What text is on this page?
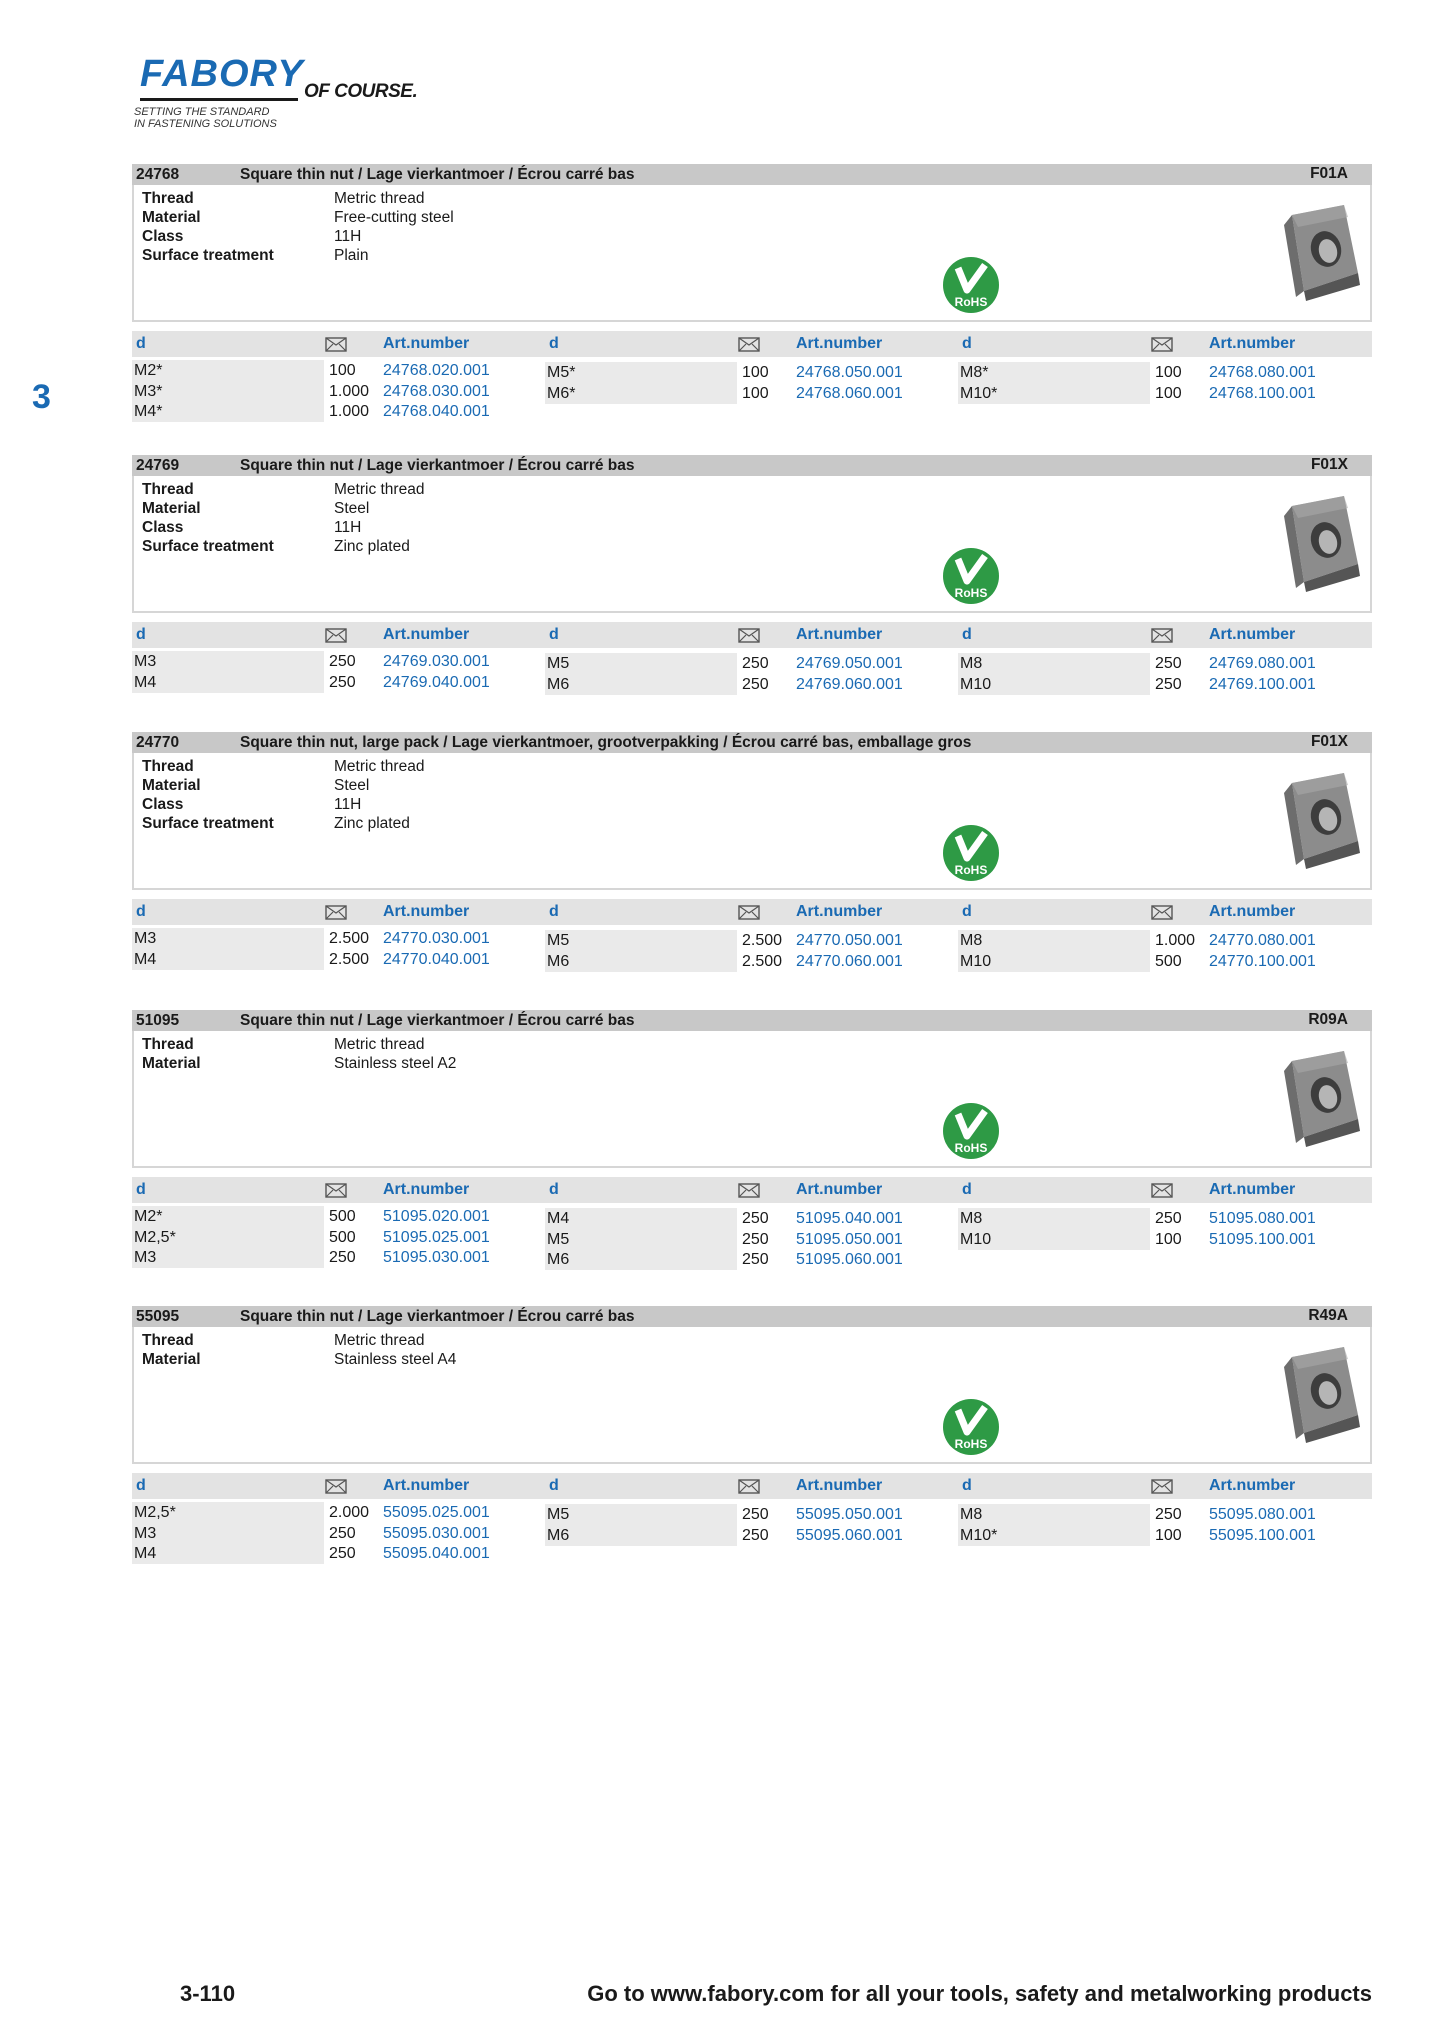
FABORY OF COURSE.
SETTING THE STANDARD
IN FASTENING SOLUTIONS
3
24768	Square thin nut / Lage vierkantmoer / Écrou carré bas	F01A
Thread	Metric thread
Material	Free-cutting steel
Class	11H
Surface treatment	Plain
RoHS
d	Art.number	d	Art.number	d	Art.number
M2*	100 24768.020.001
M3*	1.000 24768.030.001
M4*	1.000 24768.040.001
M5*	100 24768.050.001
M6*	100 24768.060.001
M8*	100 24768.080.001
M10*	100 24768.100.001
24769	Square thin nut / Lage vierkantmoer / Écrou carré bas	F01X
Thread	Metric thread
Material	Steel
Class	11H
Surface treatment	Zinc plated
RoHS
d	Art.number	d	Art.number	d	Art.number
M3	250 24769.030.001
M4	250 24769.040.001
M5	250 24769.050.001
M6	250 24769.060.001
M8	250 24769.080.001
M10	250 24769.100.001
24770	Square thin nut, large pack / Lage vierkantmoer, grootverpakking / Écrou carré bas, emballage gros	F01X
Thread	Metric thread
Material	Steel
Class	11H
Surface treatment	Zinc plated
RoHS
d	Art.number	d	Art.number	d	Art.number
M3	2.500 24770.030.001
M4	2.500 24770.040.001
M5	2.500 24770.050.001
M6	2.500 24770.060.001
M8	1.000 24770.080.001
M10	500 24770.100.001
51095	Square thin nut / Lage vierkantmoer / Écrou carré bas	R09A
Thread	Metric thread
Material	Stainless steel A2
RoHS
d	Art.number	d	Art.number	d	Art.number
M2*	500 51095.020.001
M2,5*	500 51095.025.001
M3	250 51095.030.001
M4	250 51095.040.001
M5	250 51095.050.001
M6	250 51095.060.001
M8	250 51095.080.001
M10	100 51095.100.001
55095	Square thin nut / Lage vierkantmoer / Écrou carré bas	R49A
Thread	Metric thread
Material	Stainless steel A4
RoHS
d	Art.number	d	Art.number	d	Art.number
M2,5*	2.000 55095.025.001
M3	250 55095.030.001
M4	250 55095.040.001
M5	250 55095.050.001
M6	250 55095.060.001
M8	250 55095.080.001
M10*	100 55095.100.001
3-110	Go to www.fabory.com for all your tools, safety and metalworking products
